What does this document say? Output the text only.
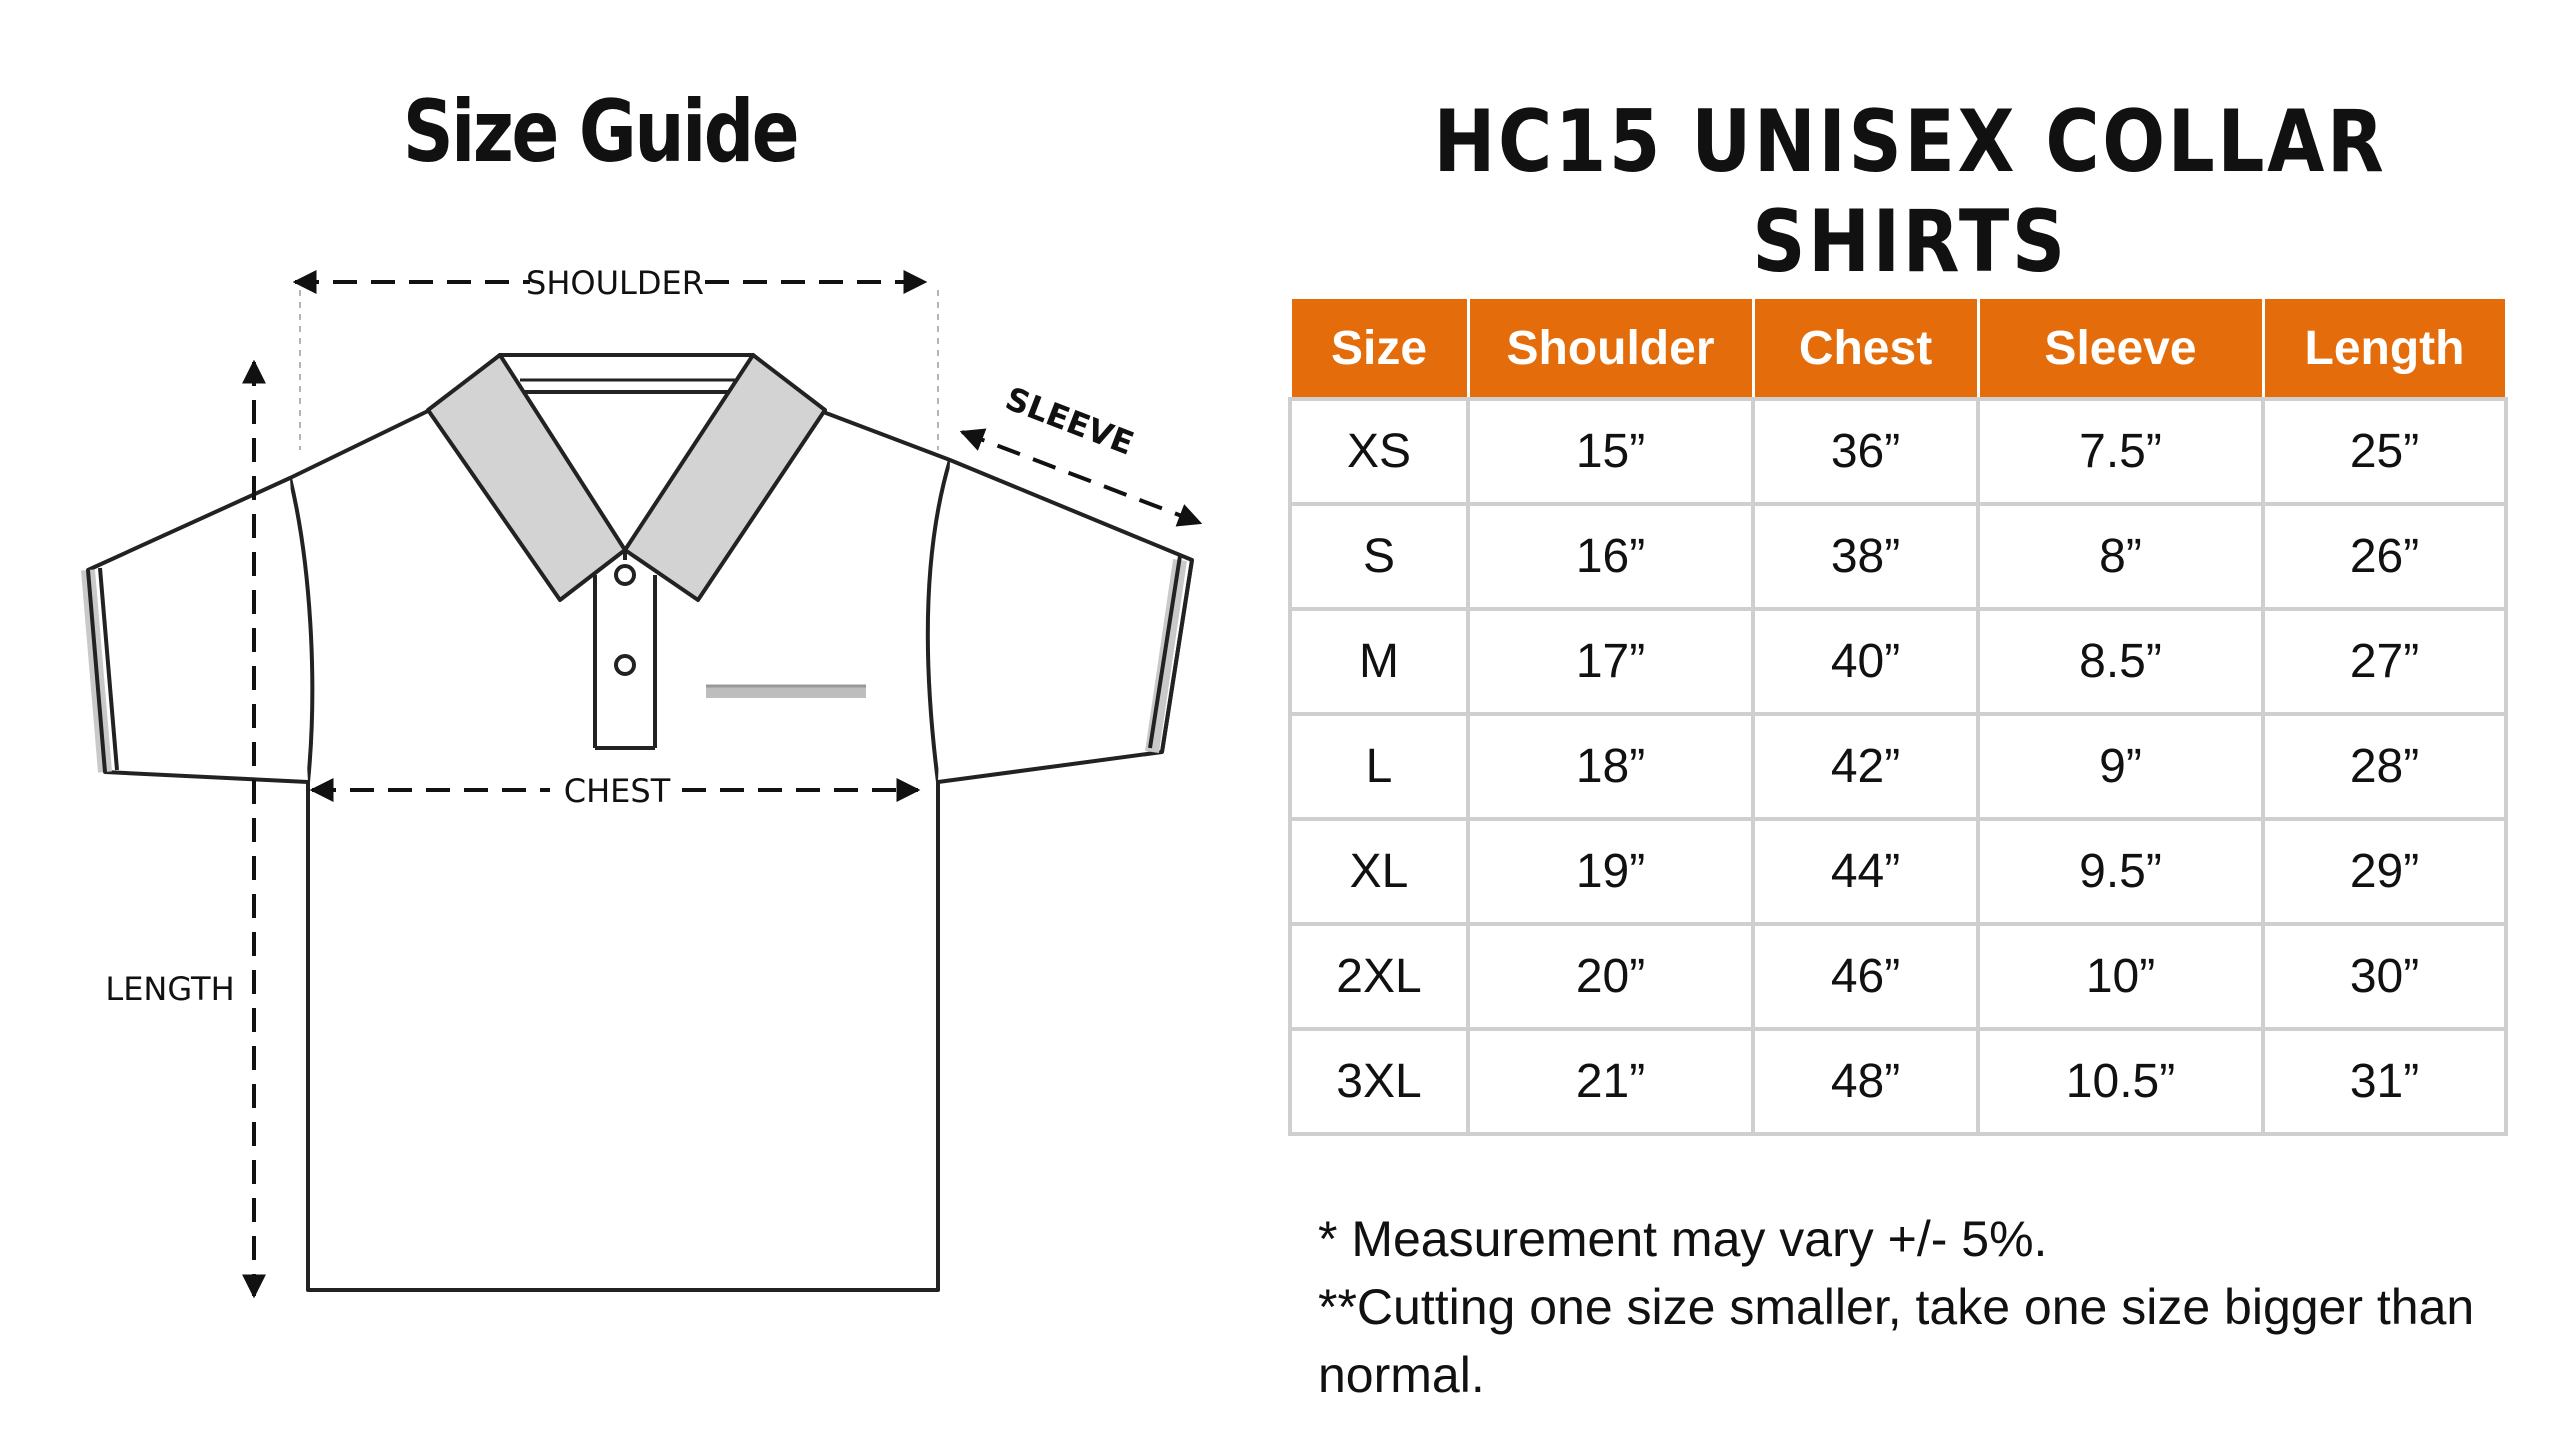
Size Guide	HC15 UNISEX COLLAR SHIRTS
SHOULDER
CHEST
LENGTH
SLEEVE
Size	Shoulder	Chest	Sleeve	Length
XS	15”	36”	7.5”	25”
S	16”	38”	8”	26”
M	17”	40”	8.5”	27”
L	18”	42”	9”	28”
XL	19”	44”	9.5”	29”
2XL	20”	46”	10”	30”
3XL	21”	48”	10.5”	31”

* Measurement may vary +/- 5%.

**Cutting one size smaller, take one size bigger than normal.
